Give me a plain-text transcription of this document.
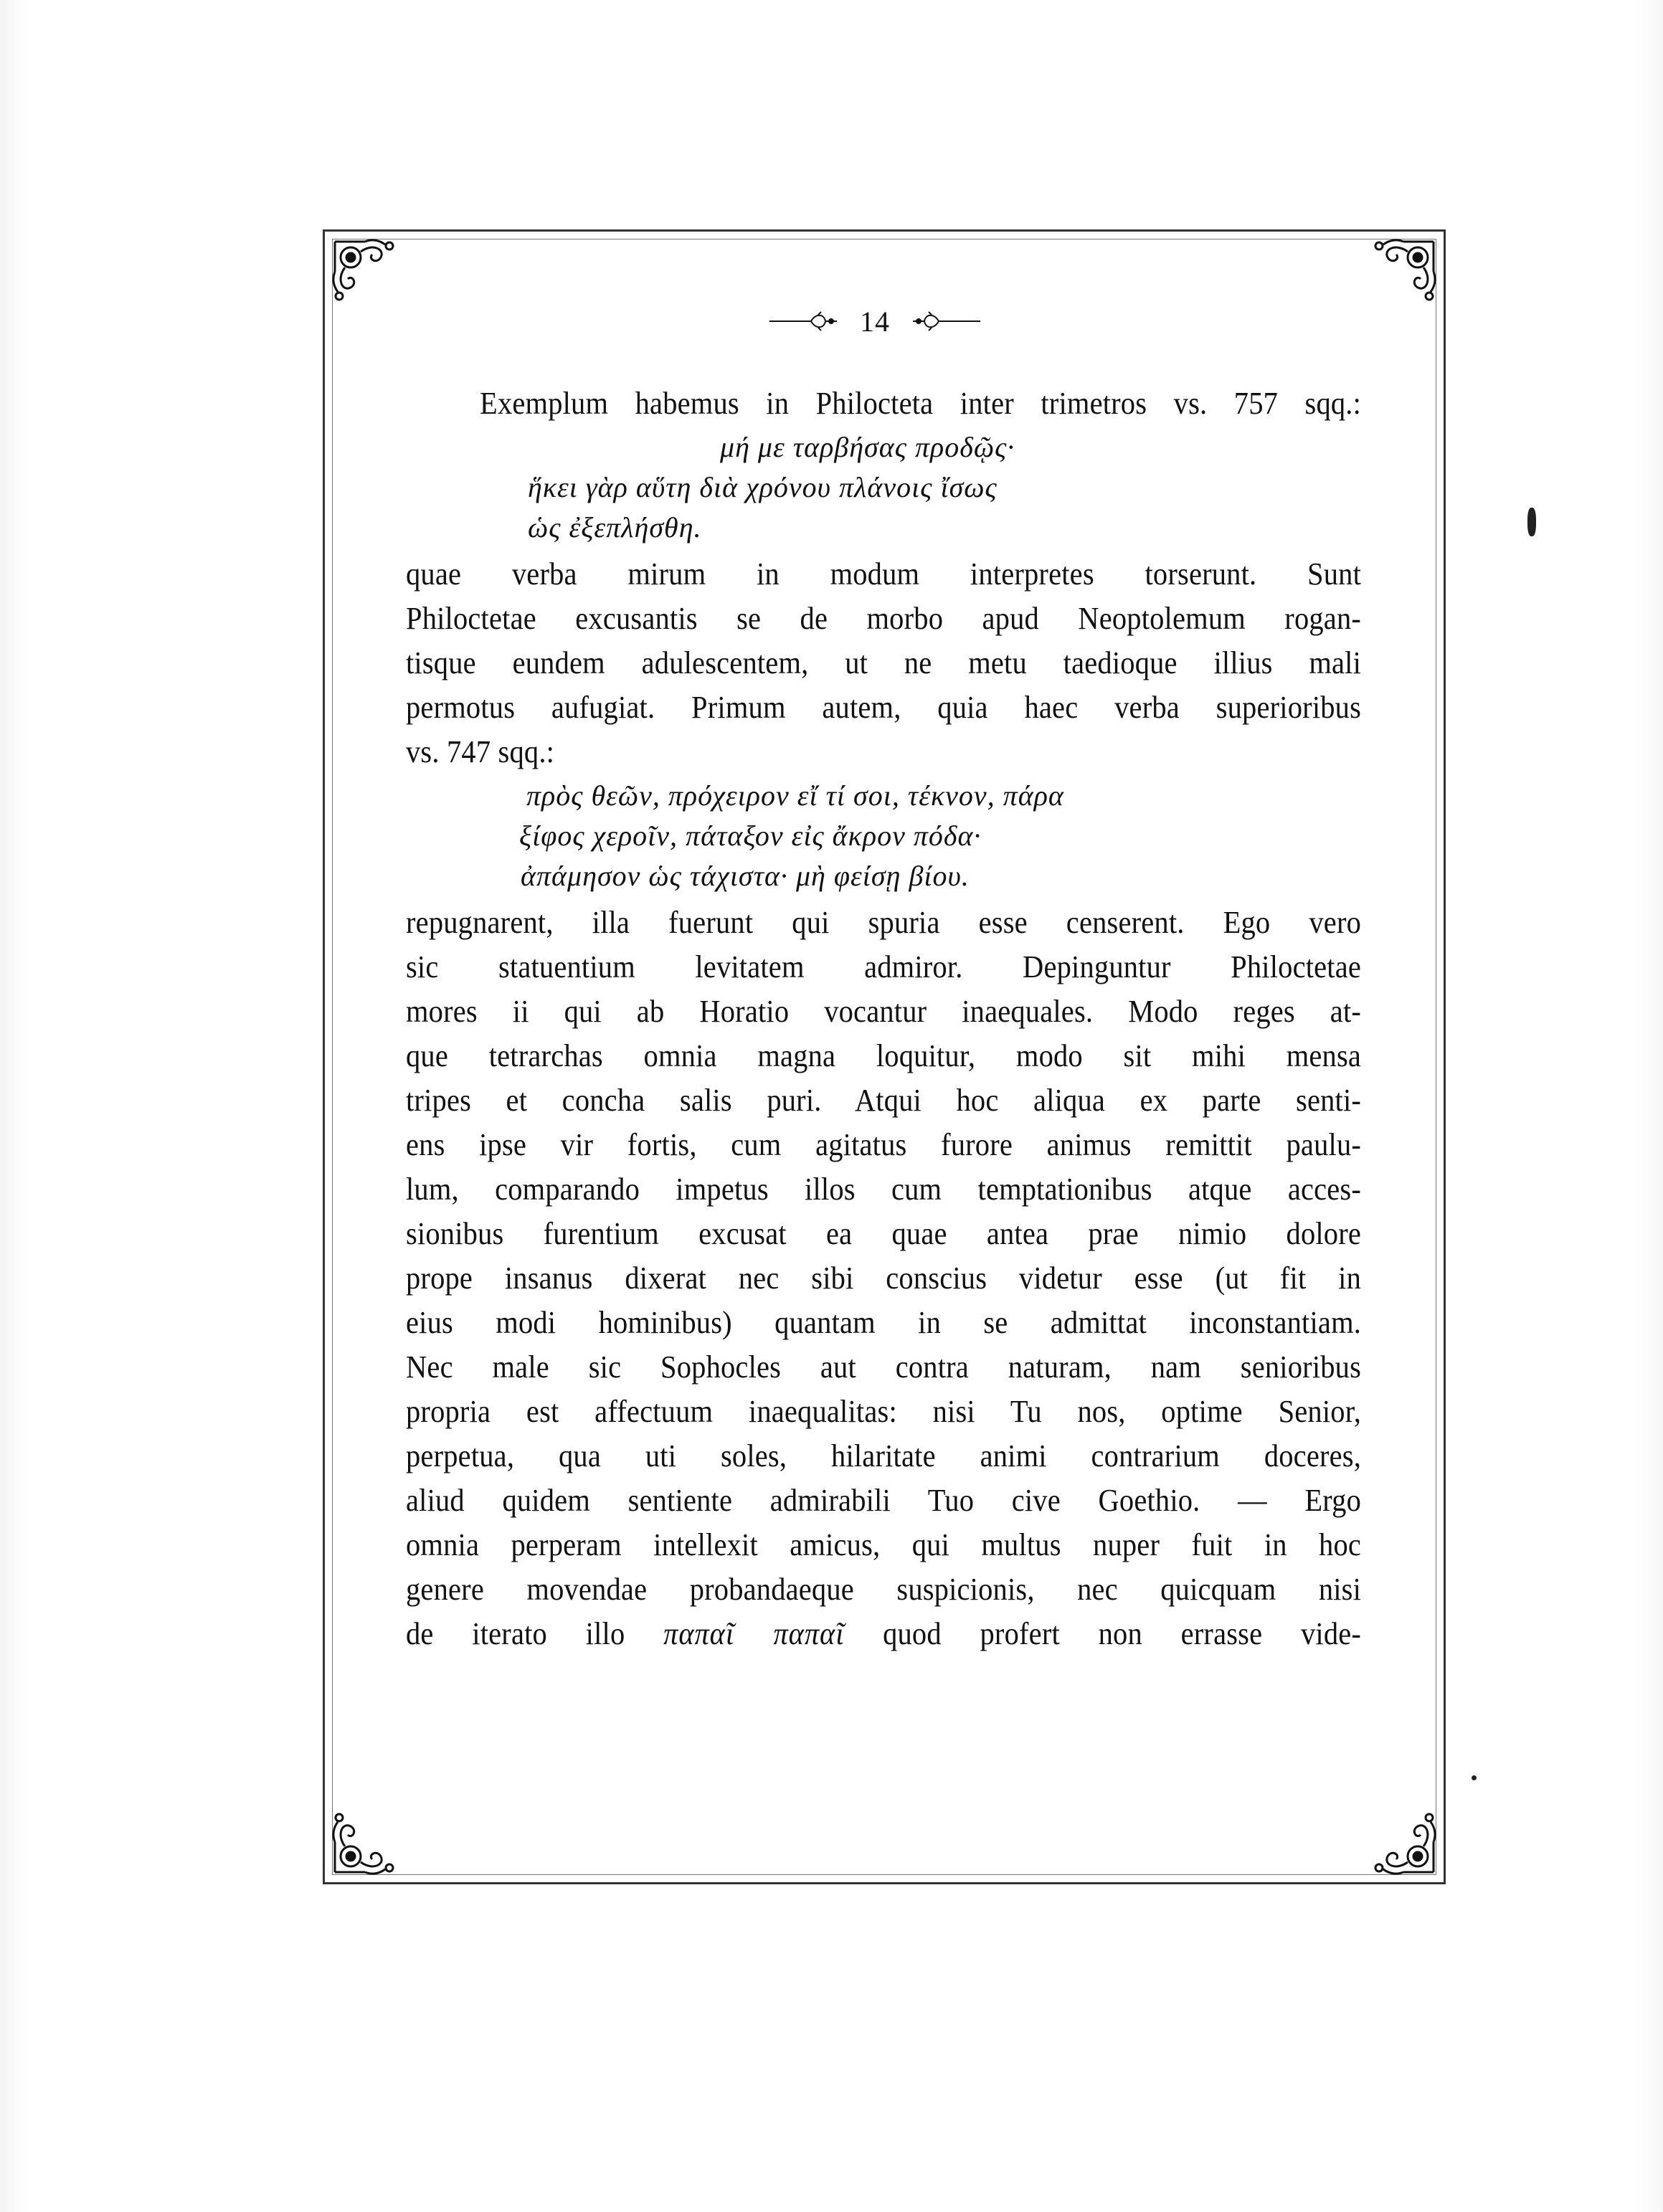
14
Exemplum habemus in Philocteta inter trimetros vs. 757 sqq.:
μή με ταρβήσας προδῷς·
ἥκει γὰρ αὕτη διὰ χρόνου πλάνοις ἴσως
ὡς ἐξεπλήσθη.
quae verba mirum in modum interpretes torserunt. Sunt
Philoctetae excusantis se de morbo apud Neoptolemum rogan-
tisque eundem adulescentem, ut ne metu taedioque illius mali
permotus aufugiat. Primum autem, quia haec verba superioribus
vs. 747 sqq.:
πρὸς θεῶν, πρόχειρον εἴ τί σοι, τέκνον, πάρα
ξίφος χεροῖν, πάταξον εἰς ἄκρον πόδα·
ἀπάμησον ὡς τάχιστα· μὴ φείσῃ βίου.
repugnarent, illa fuerunt qui spuria esse censerent. Ego vero
sic statuentium levitatem admiror. Depinguntur Philoctetae
mores ii qui ab Horatio vocantur inaequales. Modo reges at-
que tetrarchas omnia magna loquitur, modo sit mihi mensa
tripes et concha salis puri. Atqui hoc aliqua ex parte senti-
ens ipse vir fortis, cum agitatus furore animus remittit paulu-
lum, comparando impetus illos cum temptationibus atque acces-
sionibus furentium excusat ea quae antea prae nimio dolore
prope insanus dixerat nec sibi conscius videtur esse (ut fit in
eius modi hominibus) quantam in se admittat inconstantiam.
Nec male sic Sophocles aut contra naturam, nam senioribus
propria est affectuum inaequalitas: nisi Tu nos, optime Senior,
perpetua, qua uti soles, hilaritate animi contrarium doceres,
aliud quidem sentiente admirabili Tuo cive Goethio. — Ergo
omnia perperam intellexit amicus, qui multus nuper fuit in hoc
genere movendae probandaeque suspicionis, nec quicquam nisi
de iterato illo παπαῖ παπαῖ quod profert non errasse vide-
